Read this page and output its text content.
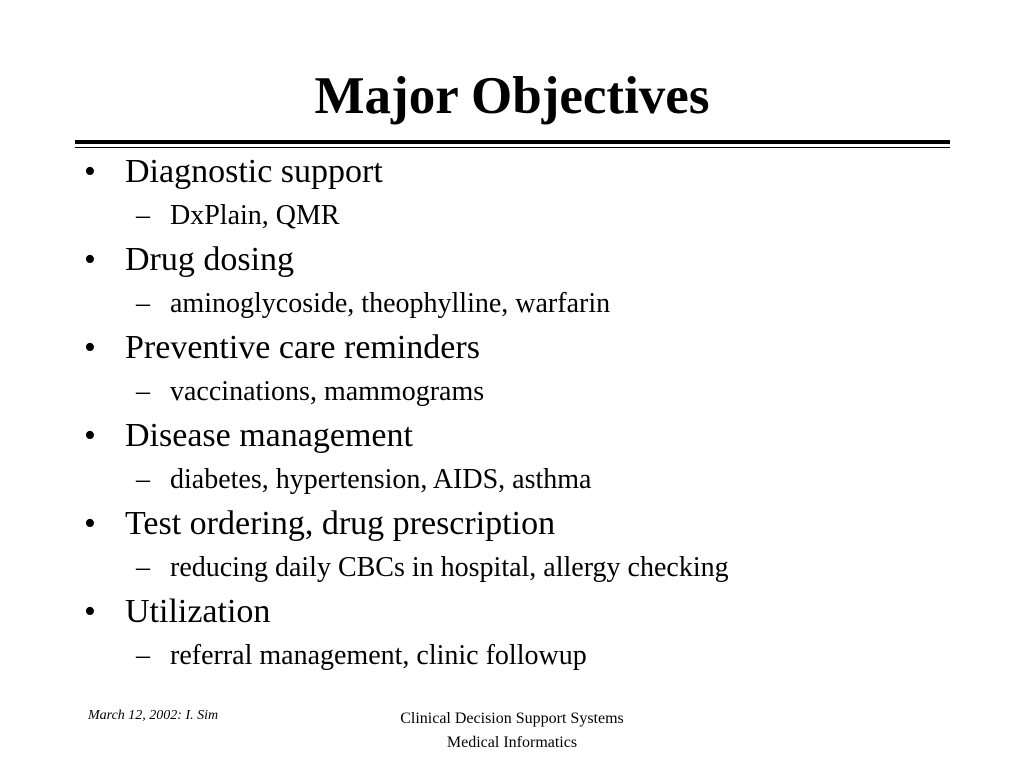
Major Objectives
• Diagnostic support
– DxPlain, QMR
• Drug dosing
– aminoglycoside, theophylline, warfarin
• Preventive care reminders
– vaccinations, mammograms
• Disease management
– diabetes, hypertension, AIDS, asthma
• Test ordering, drug prescription
– reducing daily CBCs in hospital, allergy checking
• Utilization
– referral management, clinic followup
March 12, 2002: I. Sim	Clinical Decision Support Systems
Medical Informatics
